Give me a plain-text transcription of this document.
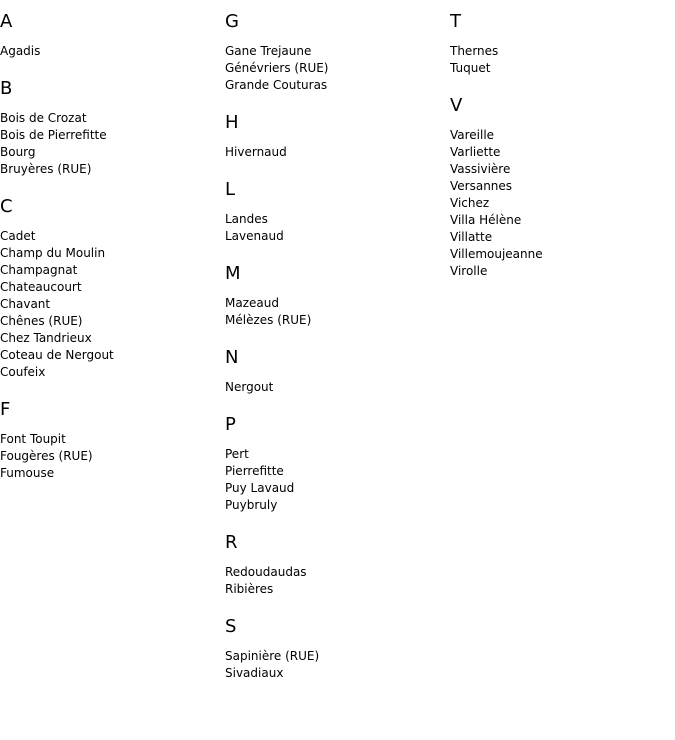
A
Agadis
B
Bois de Crozat
Bois de Pierrefitte
Bourg
Bruyères (RUE)
C
Cadet
Champ du Moulin
Champagnat
Chateaucourt
Chavant
Chênes (RUE)
Chez Tandrieux
Coteau de Nergout
Coufeix
F
Font Toupit
Fougères (RUE)
Fumouse
G
Gane Trejaune
Génévriers (RUE)
Grande Couturas
H
Hivernaud
L
Landes
Lavenaud
M
Mazeaud
Mélèzes (RUE)
N
Nergout
P
Pert
Pierrefitte
Puy Lavaud
Puybruly
R
Redoudaudas
Ribières
S
Sapinière (RUE)
Sivadiaux
T
Thernes
Tuquet
V
Vareille
Varliette
Vassivière
Versannes
Vichez
Villa Hélène
Villatte
Villemoujeanne
Virolle
